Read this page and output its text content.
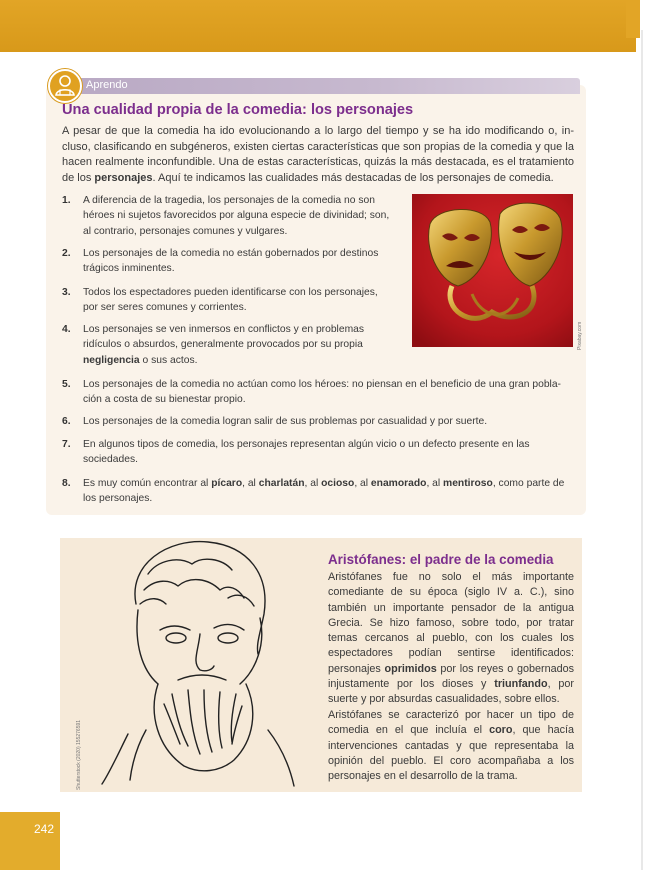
Aprendo
Una cualidad propia de la comedia: los personajes

A pesar de que la comedia ha ido evolucionando a lo largo del tiempo y se ha ido modificando o, in- cluso, clasificando en subgéneros, existen ciertas características que son propias de la comedia y que la hacen realmente inconfundible. Una de estas características, quizás la más destacada, es el tratamiento de los personajes. Aquí te indicamos las cualidades más destacadas de los personajes de comedia.

1. A diferencia de la tragedia, los personajes de la comedia no son
héroes ni sujetos favorecidos por alguna especie de divinidad; son,
al contrario, personajes comunes y vulgares.
2. Los personajes de la comedia no están gobernados por destinos
trágicos inminentes.
3. Todos los espectadores pueden identificarse con los personajes,
por ser seres comunes y corrientes.
4. Los personajes se ven inmersos en conflictos y en problemas
ridículos o absurdos, generalmente provocados por su propia
negligencia o sus actos.
5. Los personajes de la comedia no actúan como los héroes: no piensan en el beneficio de una gran pobla-
ción a costa de su bienestar propio.
6. Los personajes de la comedia logran salir de sus problemas por casualidad y por suerte.
7. En algunos tipos de comedia, los personajes representan algún vicio o un defecto presente en las
sociedades.
8. Es muy común encontrar al pícaro, al charlatán, al ocioso, al enamorado, al mentiroso, como parte de
los personajes.
Pixabay.com
Shutterstock (2020) 155276591
Aristófanes: el padre de la comedia

Aristófanes fue no solo el más importante comediante de su época (siglo IV a. C.), sino también un importante pensador de la antigua Grecia. Se hizo famoso, sobre todo, por tratar temas cercanos al pueblo, con los cuales los espectadores podían sentirse identificados: personajes oprimidos por los reyes o gobernados injustamente por los dioses y triunfando, por suerte y por absurdas casualidades, sobre ellos.

Aristófanes se caracterizó por hacer un tipo de comedia en el que incluía el coro, que hacía intervenciones cantadas y que representaba la opinión del pueblo. El coro acompañaba a los personajes en el desarrollo de la trama.

242
